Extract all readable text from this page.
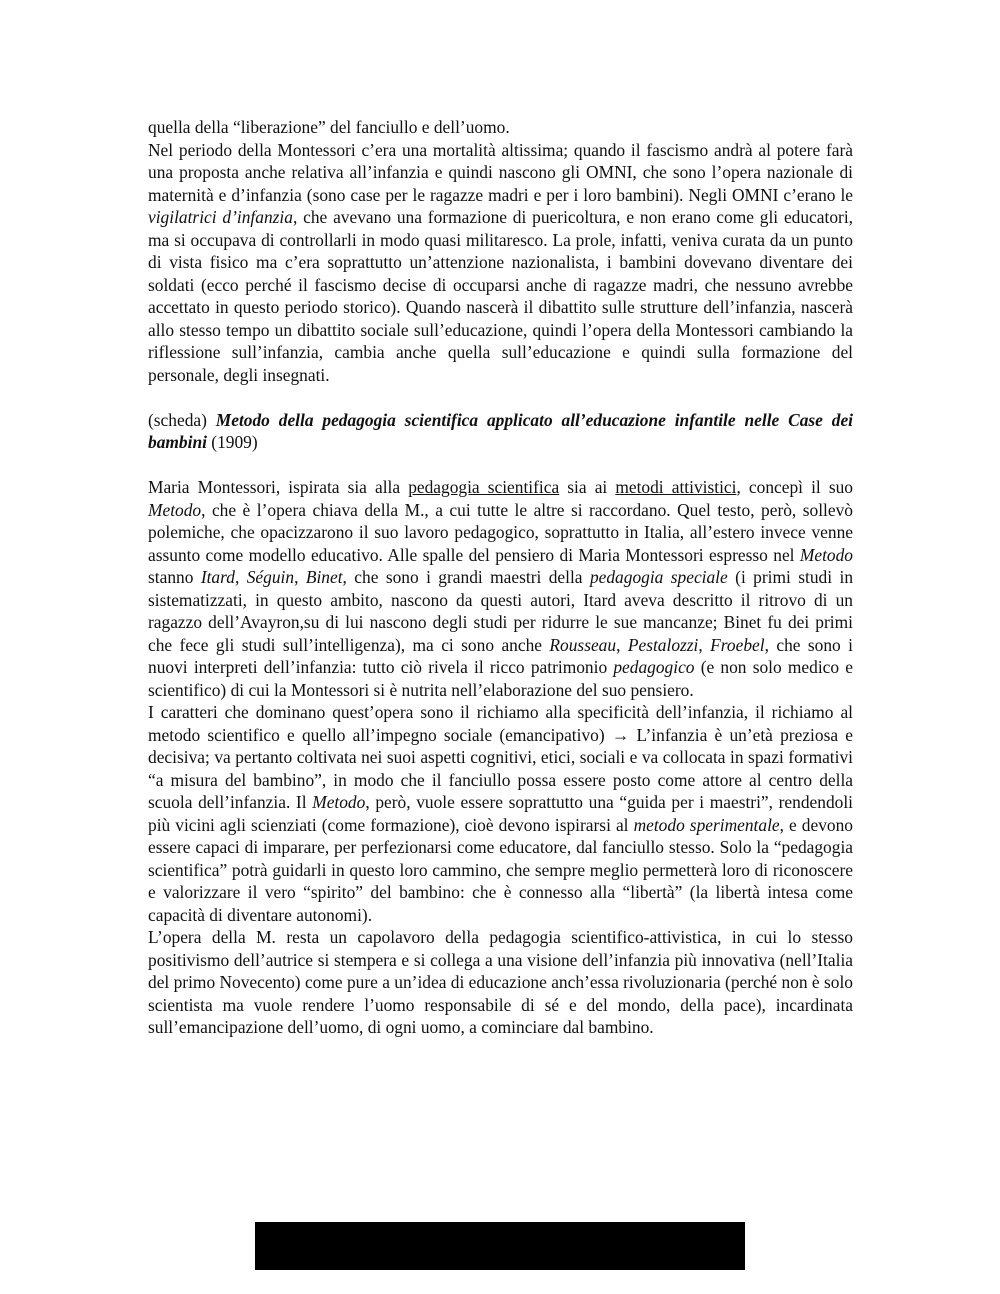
quella della “liberazione” del fanciullo e dell’uomo.

Nel periodo della Montessori c’era una mortalità altissima; quando il fascismo andrà al potere farà una proposta anche relativa all’infanzia e quindi nascono gli OMNI, che sono l’opera nazionale di maternità e d’infanzia (sono case per le ragazze madri e per i loro bambini). Negli OMNI c’erano le vigilatrici d’infanzia, che avevano una formazione di puericoltura, e non erano come gli educatori, ma si occupava di controllarli in modo quasi militaresco. La prole, infatti, veniva curata da un punto di vista fisico ma c’era soprattutto un’attenzione nazionalista, i bambini dovevano diventare dei soldati (ecco perché il fascismo decise di occuparsi anche di ragazze madri, che nessuno avrebbe accettato in questo periodo storico). Quando nascerà il dibattito sulle strutture dell’infanzia, nascerà allo stesso tempo un dibattito sociale sull’educazione, quindi l’opera della Montessori cambiando la riflessione sull’infanzia, cambia anche quella sull’educazione e quindi sulla formazione del personale, degli insegnati.

(scheda) Metodo della pedagogia scientifica applicato all’educazione infantile nelle Case dei bambini (1909)

Maria Montessori, ispirata sia alla pedagogia scientifica sia ai metodi attivistici, concepì il suo Metodo, che è l’opera chiava della M., a cui tutte le altre si raccordano. Quel testo, però, sollevò polemiche, che opacizzarono il suo lavoro pedagogico, soprattutto in Italia, all’estero invece venne assunto come modello educativo. Alle spalle del pensiero di Maria Montessori espresso nel Metodo stanno Itard, Séguin, Binet, che sono i grandi maestri della pedagogia speciale (i primi studi in sistematizzati, in questo ambito, nascono da questi autori, Itard aveva descritto il ritrovo di un ragazzo dell’Avayron,su di lui nascono degli studi per ridurre le sue mancanze; Binet fu dei primi che fece gli studi sull’intelligenza), ma ci sono anche Rousseau, Pestalozzi, Froebel, che sono i nuovi interpreti dell’infanzia: tutto ciò rivela il ricco patrimonio pedagogico (e non solo medico e scientifico) di cui la Montessori si è nutrita nell’elaborazione del suo pensiero.

I caratteri che dominano quest’opera sono il richiamo alla specificità dell’infanzia, il richiamo al metodo scientifico e quello all’impegno sociale (emancipativo) → L’infanzia è un’età preziosa e decisiva; va pertanto coltivata nei suoi aspetti cognitivi, etici, sociali e va collocata in spazi formativi “a misura del bambino”, in modo che il fanciullo possa essere posto come attore al centro della scuola dell’infanzia. Il Metodo, però, vuole essere soprattutto una “guida per i maestri”, rendendoli più vicini agli scienziati (come formazione), cioè devono ispirarsi al metodo sperimentale, e devono essere capaci di imparare, per perfezionarsi come educatore, dal fanciullo stesso. Solo la “pedagogia scientifica” potrà guidarli in questo loro cammino, che sempre meglio permetterà loro di riconoscere e valorizzare il vero “spirito” del bambino: che è connesso alla “libertà” (la libertà intesa come capacità di diventare autonomi).

L’opera della M. resta un capolavoro della pedagogia scientifico-attivistica, in cui lo stesso positivismo dell’autrice si stempera e si collega a una visione dell’infanzia più innovativa (nell’Italia del primo Novecento) come pure a un’idea di educazione anch’essa rivoluzionaria (perché non è solo scientista ma vuole rendere l’uomo responsabile di sé e del mondo, della pace), incardinata sull’emancipazione dell’uomo, di ogni uomo, a cominciare dal bambino.
